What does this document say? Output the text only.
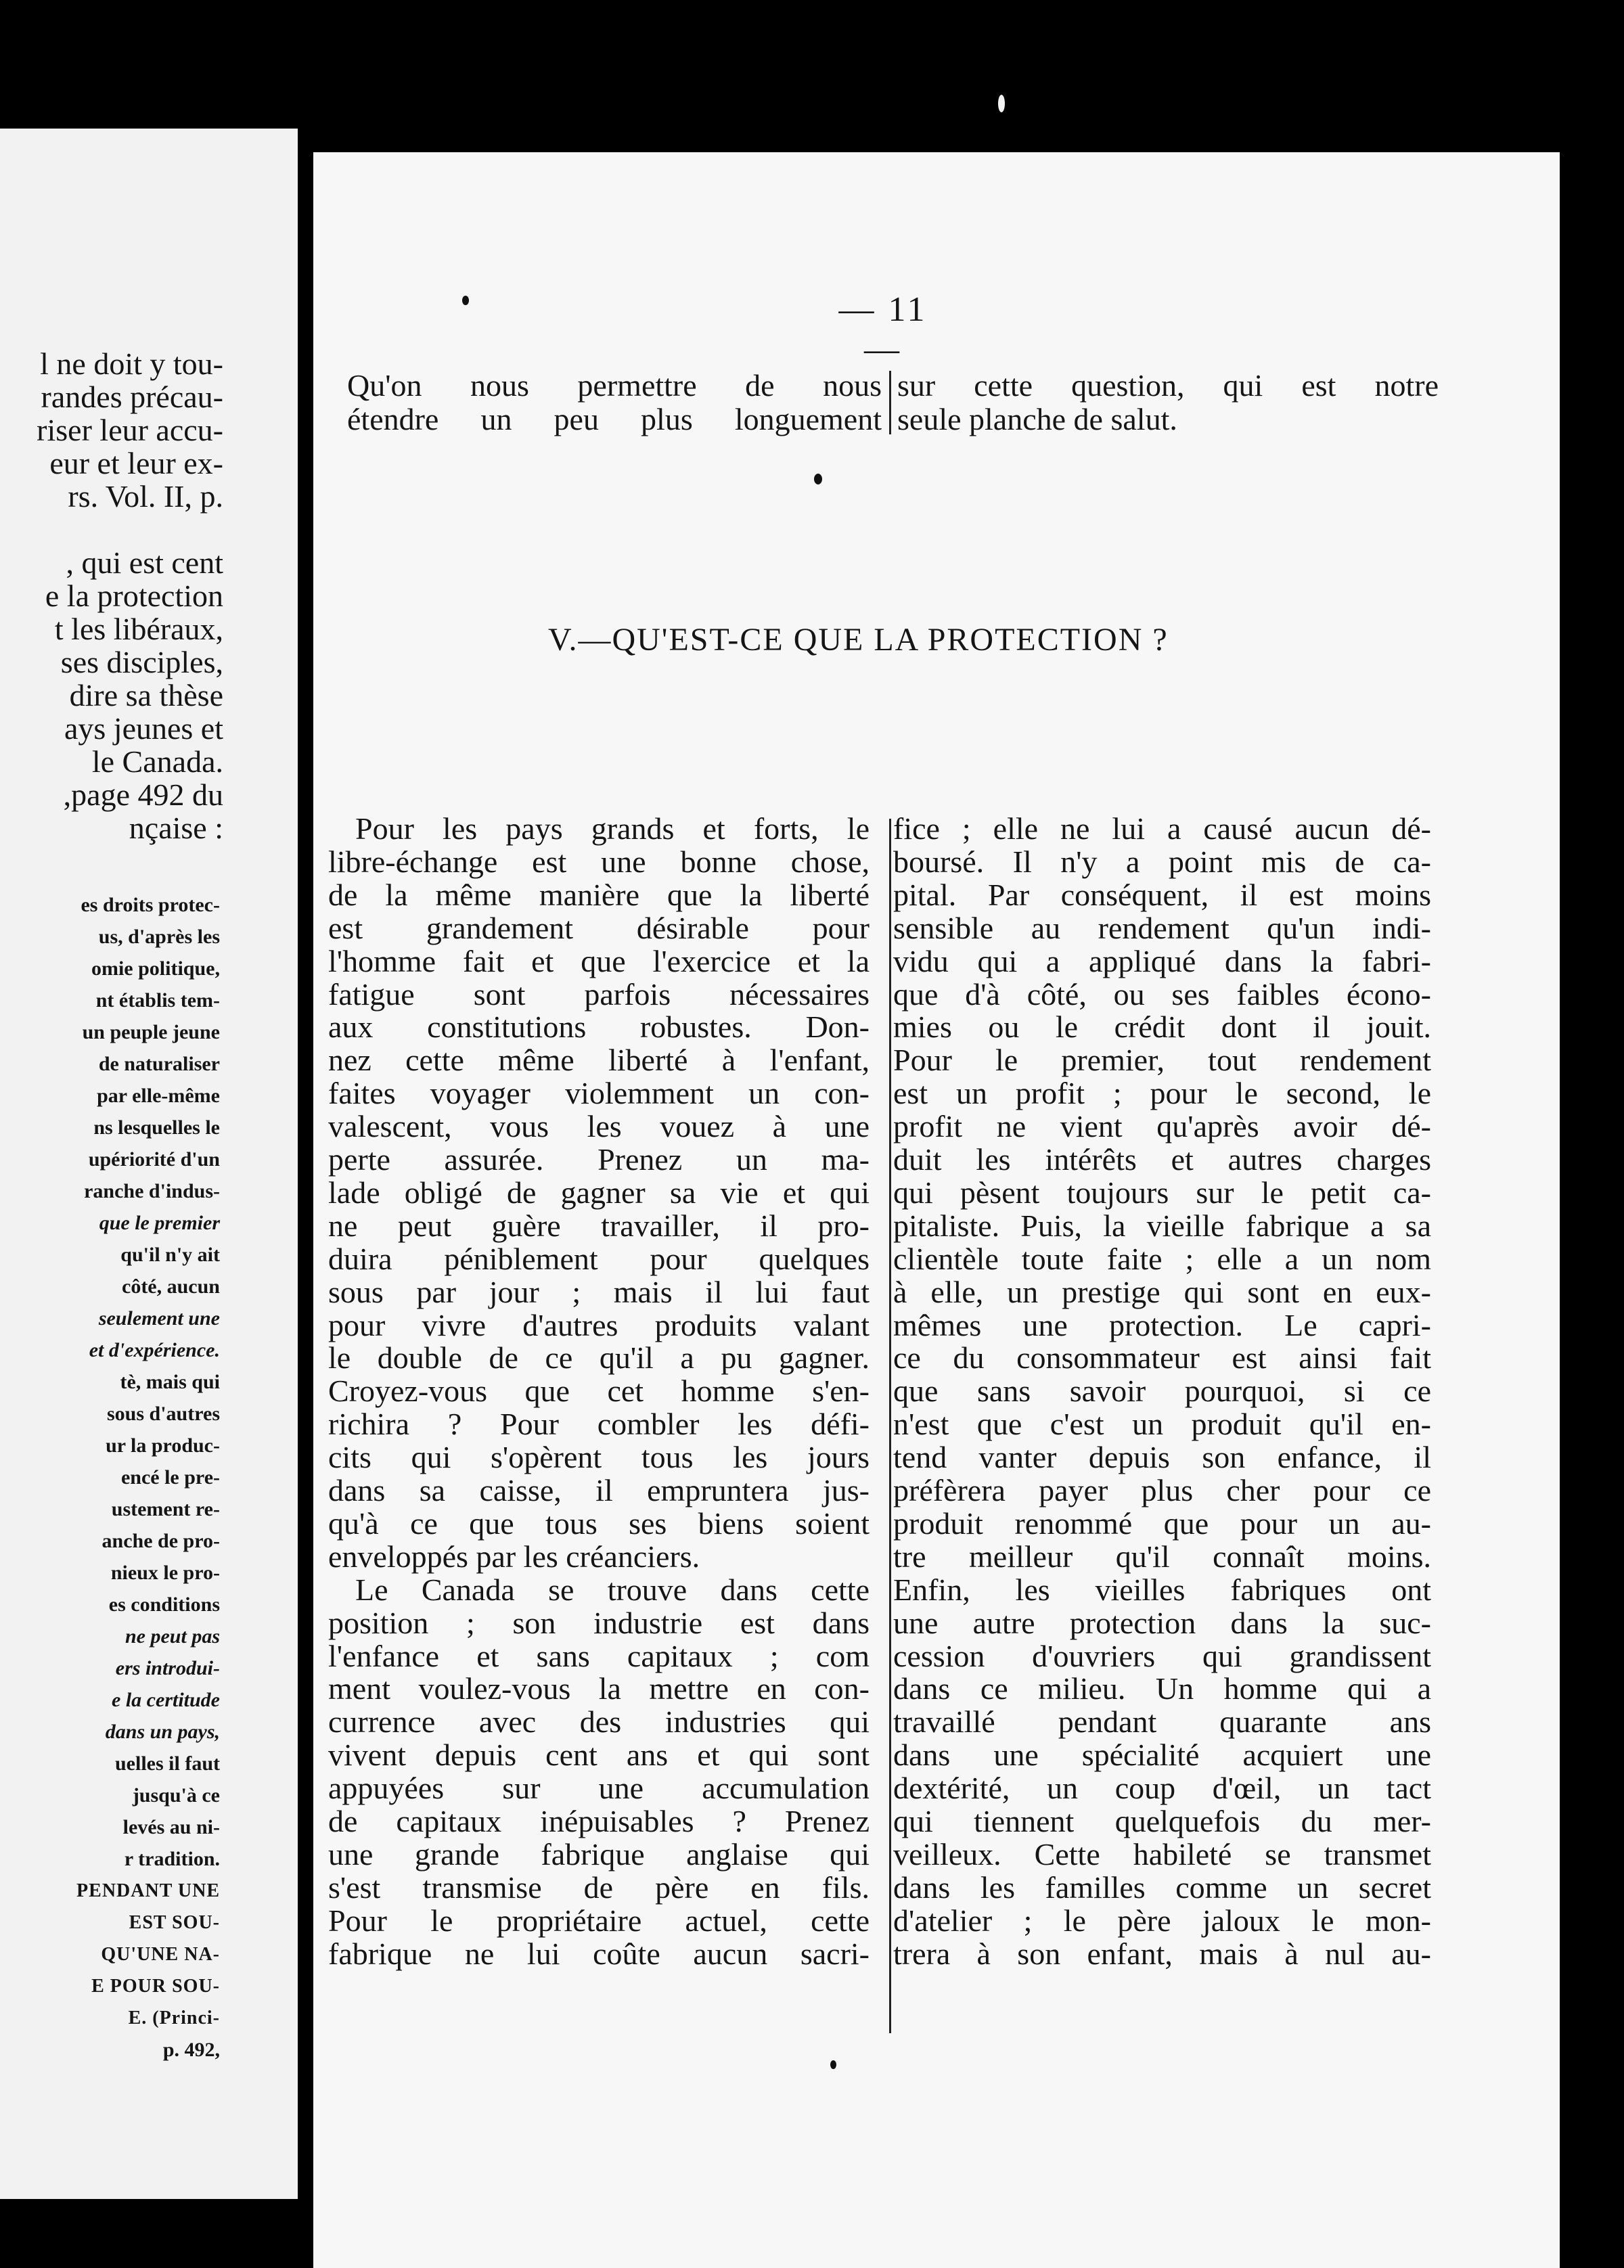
l ne doit y tou-
randes précau-
riser leur accu-
eur et leur ex-
rs. Vol. II, p.
, qui est cent
e la protection
t les libéraux,
ses disciples,
dire sa thèse
ays jeunes et
le Canada.
,page 492 du
nçaise :
es droits protec-
us, d'après les
omie politique,
nt établis tem-
un peuple jeune
de naturaliser
par elle-même
ns lesquelles le
upériorité d'un
ranche d'indus-
que le premier
qu'il n'y ait
côté, aucun
seulement une
et d'expérience.
tè, mais qui
sous d'autres
ur la produc-
encé le pre-
ustement re-
anche de pro-
nieux le pro-
es conditions
ne peut pas
ers introdui-
e la certitude
dans un pays,
uelles il faut
jusqu'à ce
levés au ni-
r tradition.
PENDANT UNE
EST SOU-
QU'UNE NA-
E POUR SOU-
E. (Princi-
p. 492,
— 11 —
V.—QU'EST-CE QUE LA PROTECTION ?
Qu'on nous permettre de nous
étendre un peu plus longuement
sur cette question, qui est notre
seule planche de salut.
Pour les pays grands et forts, le
libre-échange est une bonne chose,
de la même manière que la liberté
est grandement désirable pour
l'homme fait et que l'exercice et la
fatigue sont parfois nécessaires
aux constitutions robustes. Don-
nez cette même liberté à l'enfant,
faites voyager violemment un con-
valescent, vous les vouez à une
perte assurée. Prenez un ma-
lade obligé de gagner sa vie et qui
ne peut guère travailler, il pro-
duira péniblement pour quelques
sous par jour ; mais il lui faut
pour vivre d'autres produits valant
le double de ce qu'il a pu gagner.
Croyez-vous que cet homme s'en-
richira ? Pour combler les défi-
cits qui s'opèrent tous les jours
dans sa caisse, il empruntera jus-
qu'à ce que tous ses biens soient
enveloppés par les créanciers.
Le Canada se trouve dans cette
position ; son industrie est dans
l'enfance et sans capitaux ; com
ment voulez-vous la mettre en con-
currence avec des industries qui
vivent depuis cent ans et qui sont
appuyées sur une accumulation
de capitaux inépuisables ? Prenez
une grande fabrique anglaise qui
s'est transmise de père en fils.
Pour le propriétaire actuel, cette
fabrique ne lui coûte aucun sacri-
fice ; elle ne lui a causé aucun dé-
boursé. Il n'y a point mis de ca-
pital. Par conséquent, il est moins
sensible au rendement qu'un indi-
vidu qui a appliqué dans la fabri-
que d'à côté, ou ses faibles écono-
mies ou le crédit dont il jouit.
Pour le premier, tout rendement
est un profit ; pour le second, le
profit ne vient qu'après avoir dé-
duit les intérêts et autres charges
qui pèsent toujours sur le petit ca-
pitaliste. Puis, la vieille fabrique a sa
clientèle toute faite ; elle a un nom
à elle, un prestige qui sont en eux-
mêmes une protection. Le capri-
ce du consommateur est ainsi fait
que sans savoir pourquoi, si ce
n'est que c'est un produit qu'il en-
tend vanter depuis son enfance, il
préfèrera payer plus cher pour ce
produit renommé que pour un au-
tre meilleur qu'il connaît moins.
Enfin, les vieilles fabriques ont
une autre protection dans la suc-
cession d'ouvriers qui grandissent
dans ce milieu. Un homme qui a
travaillé pendant quarante ans
dans une spécialité acquiert une
dextérité, un coup d'œil, un tact
qui tiennent quelquefois du mer-
veilleux. Cette habileté se transmet
dans les familles comme un secret
d'atelier ; le père jaloux le mon-
trera à son enfant, mais à nul au-
